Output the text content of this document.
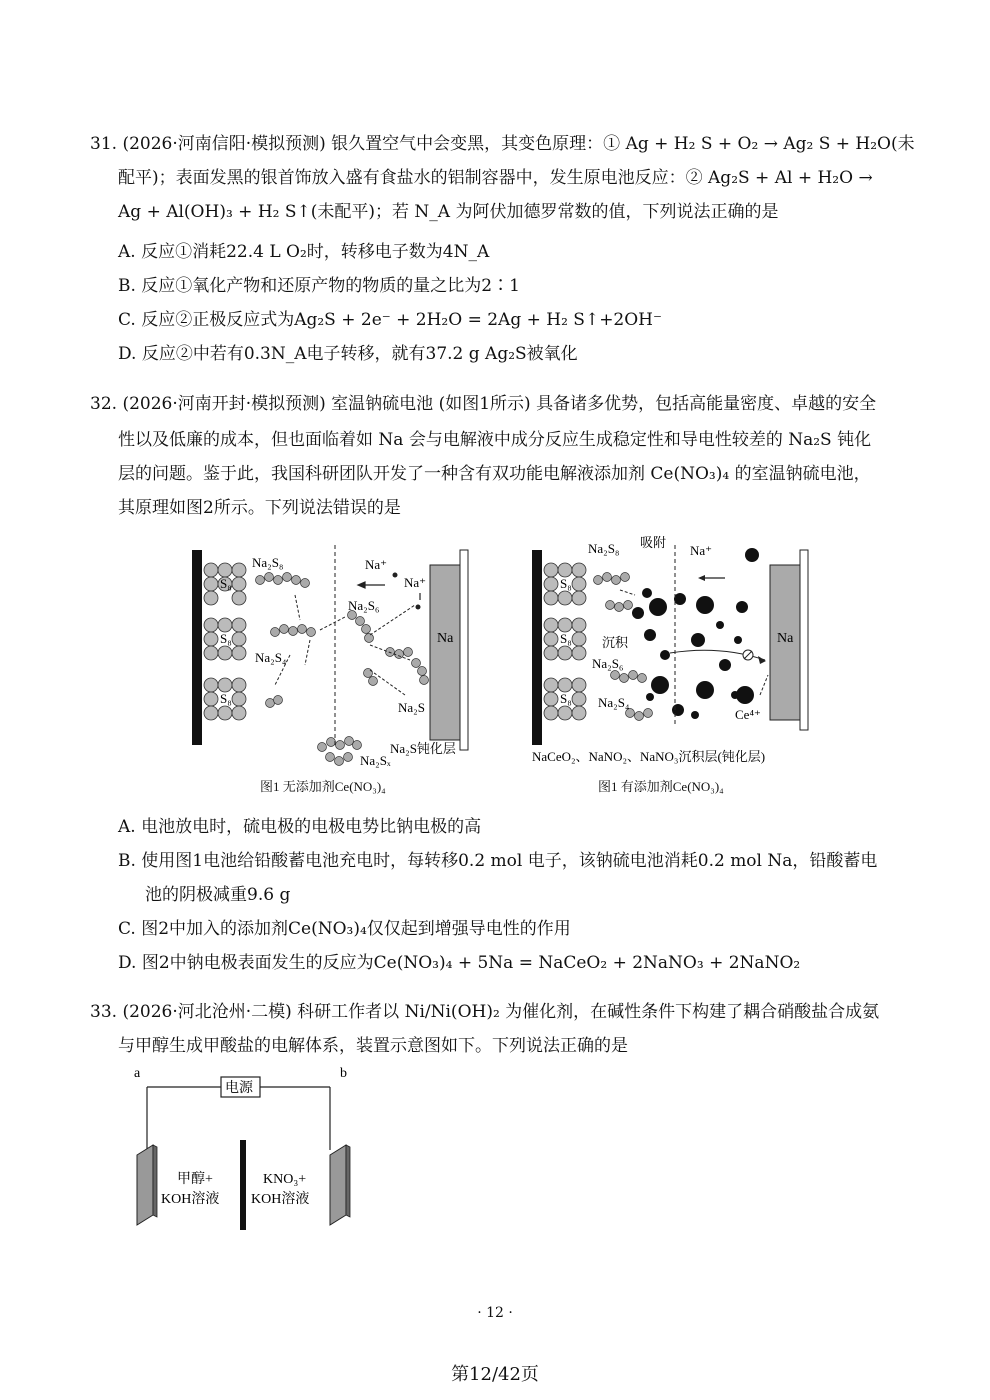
31. (2026·河南信阳·模拟预测) 银久置空气中会变黑，其变色原理：① Ag + H₂ S + O₂ → Ag₂ S + H₂O(未
配平)；表面发黑的银首饰放入盛有食盐水的铝制容器中，发生原电池反应：② Ag₂S + Al + H₂O →
Ag + Al(OH)₃ + H₂ S↑(未配平)；若 N_A 为阿伏加德罗常数的值，下列说法正确的是
A. 反应①消耗22.4 L O₂时，转移电子数为4N_A
B. 反应①氧化产物和还原产物的物质的量之比为2∶1
C. 反应②正极反应式为Ag₂S + 2e⁻ + 2H₂O = 2Ag + H₂ S↑+2OH⁻
D. 反应②中若有0.3N_A电子转移，就有37.2 g Ag₂S被氧化
32. (2026·河南开封·模拟预测) 室温钠硫电池 (如图1所示) 具备诸多优势，包括高能量密度、卓越的安全
性以及低廉的成本，但也面临着如 Na 会与电解液中成分反应生成稳定性和导电性较差的 Na₂S 钝化
层的问题。鉴于此，我国科研团队开发了一种含有双功能电解液添加剂 Ce(NO₃)₄ 的室温钠硫电池，
其原理如图2所示。下列说法错误的是
Na₂S₈
S₈
S₈
S₈
Na⁺
Na⁺
Na₂S₆
Na₂S₄
Na
Na₂S
Na₂Sₓ
Na₂S钝化层
图1 无添加剂Ce(NO₃)₄
Na₂S₈ 吸附
Na⁺
S₈
S₈
S₈
沉积
Na₂S₆
Na₂S₄
Na
Ce⁴⁺
NaCeO₂、NaNO₂、NaNO₃沉积层(钝化层)
图1 有添加剂Ce(NO₃)₄
A. 电池放电时，硫电极的电极电势比钠电极的高
B. 使用图1电池给铅酸蓄电池充电时，每转移0.2 mol 电子，该钠硫电池消耗0.2 mol Na，铅酸蓄电
池的阴极减重9.6 g
C. 图2中加入的添加剂Ce(NO₃)₄仅仅起到增强导电性的作用
D. 图2中钠电极表面发生的反应为Ce(NO₃)₄ + 5Na = NaCeO₂ + 2NaNO₃ + 2NaNO₂
33. (2026·河北沧州·二模) 科研工作者以 Ni/Ni(OH)₂ 为催化剂，在碱性条件下构建了耦合硝酸盐合成氨
与甲醇生成甲酸盐的电解体系，装置示意图如下。下列说法正确的是
a	b
电源
甲醇+
KOH溶液
KNO₃+
KOH溶液
· 12 ·
第12/42页
